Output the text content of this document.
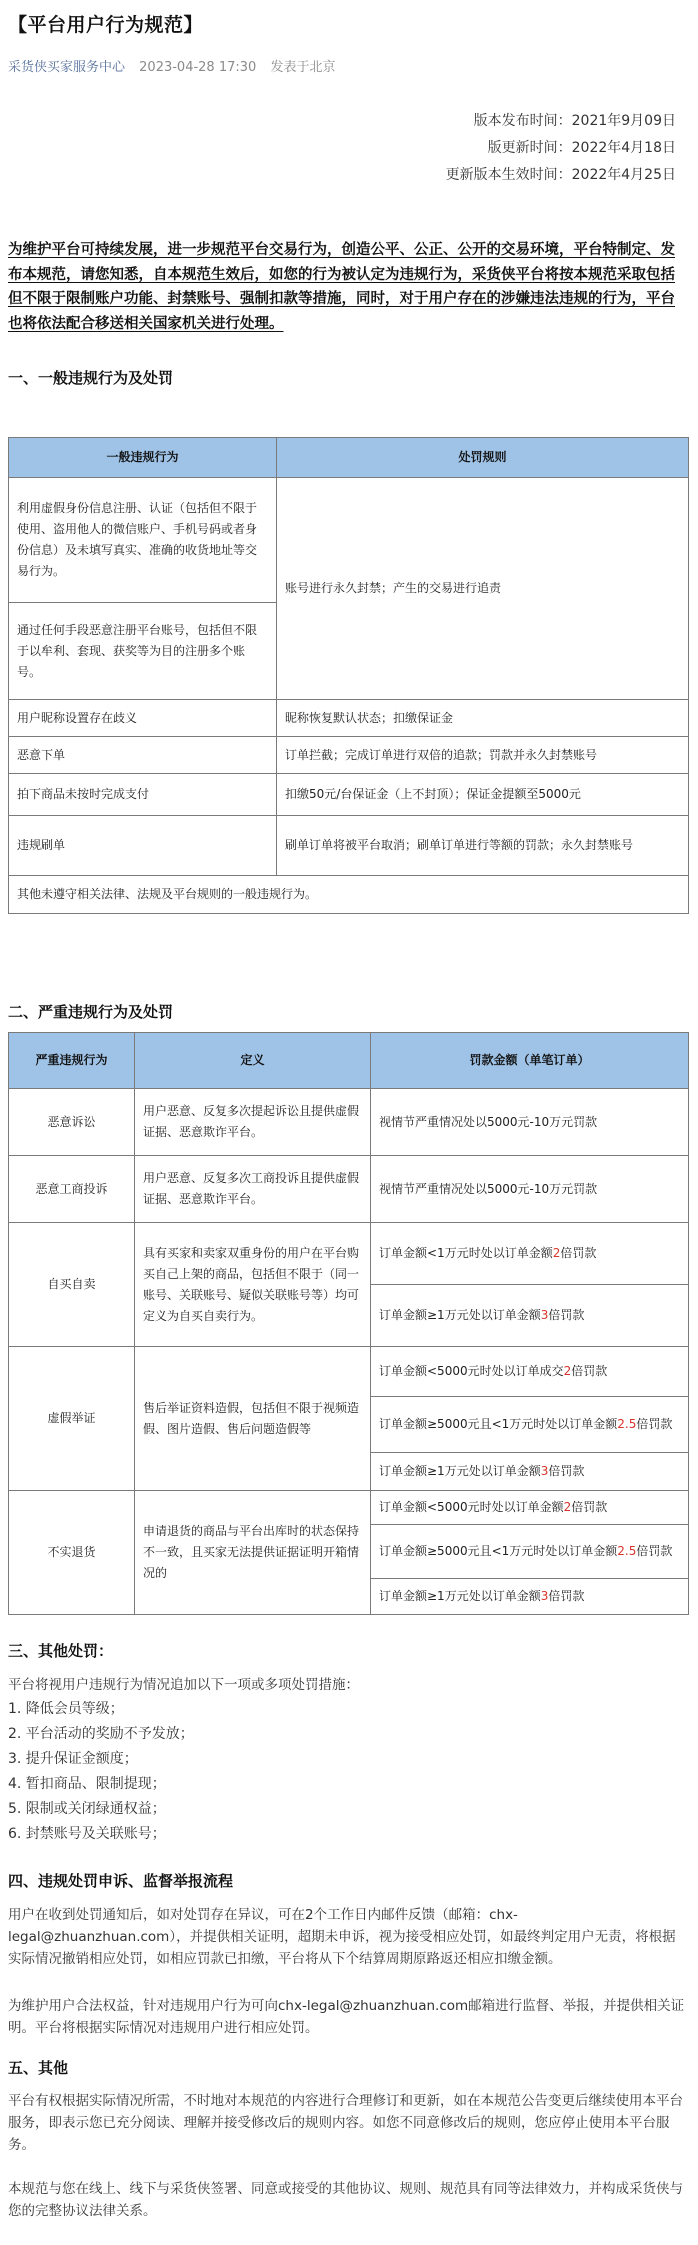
【平台用户行为规范】
采货侠买家服务中心 2023-04-28 17:30 发表于北京
版本发布时间：2021年9月09日
版更新时间：2022年4月18日
更新版本生效时间：2022年4月25日
为维护平台可持续发展，进一步规范平台交易行为，创造公平、公正、公开的交易环境，平台特制定、发布本规范，请您知悉，自本规范生效后，如您的行为被认定为违规行为，采货侠平台将按本规范采取包括但不限于限制账户功能、封禁账号、强制扣款等措施，同时，对于用户存在的涉嫌违法违规的行为，平台也将依法配合移送相关国家机关进行处理。
一、一般违规行为及处罚
一般违规行为	处罚规则
利用虚假身份信息注册、认证（包括但不限于使用、盗用他人的微信账户、手机号码或者身份信息）及未填写真实、准确的收货地址等交易行为。	账号进行永久封禁；产生的交易进行追责
通过任何手段恶意注册平台账号，包括但不限于以牟利、套现、获奖等为目的注册多个账号。	
用户昵称设置存在歧义	昵称恢复默认状态；扣缴保证金
恶意下单	订单拦截；完成订单进行双倍的追款；罚款并永久封禁账号
拍下商品未按时完成支付	扣缴50元/台保证金（上不封顶）；保证金提额至5000元
违规刷单	刷单订单将被平台取消；刷单订单进行等额的罚款；永久封禁账号
其他未遵守相关法律、法规及平台规则的一般违规行为。	
二、严重违规行为及处罚
严重违规行为	定义	罚款金额（单笔订单）
恶意诉讼	用户恶意、反复多次提起诉讼且提供虚假证据、恶意欺诈平台。	视情节严重情况处以5000元-10万元罚款
恶意工商投诉	用户恶意、反复多次工商投诉且提供虚假证据、恶意欺诈平台。	视情节严重情况处以5000元-10万元罚款
自买自卖	具有买家和卖家双重身份的用户在平台购买自己上架的商品，包括但不限于（同一账号、关联账号、疑似关联账号等）均可定义为自买自卖行为。	订单金额<1万元时处以订单金额2倍罚款
		订单金额≥1万元处以订单金额3倍罚款
虚假举证	售后举证资料造假，包括但不限于视频造假、图片造假、售后问题造假等	订单金额<5000元时处以订单成交2倍罚款
		订单金额≥5000元且<1万元时处以订单金额2.5倍罚款
		订单金额≥1万元处以订单金额3倍罚款
不实退货	申请退货的商品与平台出库时的状态保持不一致，且买家无法提供证据证明开箱情况的	订单金额<5000元时处以订单金额2倍罚款
		订单金额≥5000元且<1万元时处以订单金额2.5倍罚款
		订单金额≥1万元处以订单金额3倍罚款
三、其他处罚：
平台将视用户违规行为情况追加以下一项或多项处罚措施：
1. 降低会员等级；
2. 平台活动的奖励不予发放；
3. 提升保证金额度；
4. 暂扣商品、限制提现；
5. 限制或关闭绿通权益；
6. 封禁账号及关联账号；
四、违规处罚申诉、监督举报流程
用户在收到处罚通知后，如对处罚存在异议，可在2个工作日内邮件反馈（邮箱：chx-legal@zhuanzhuan.com），并提供相关证明，超期未申诉，视为接受相应处罚，如最终判定用户无责，将根据实际情况撤销相应处罚，如相应罚款已扣缴，平台将从下个结算周期原路返还相应扣缴金额。
为维护用户合法权益，针对违规用户行为可向chx-legal@zhuanzhuan.com邮箱进行监督、举报，并提供相关证明。平台将根据实际情况对违规用户进行相应处罚。
五、其他
平台有权根据实际情况所需，不时地对本规范的内容进行合理修订和更新，如在本规范公告变更后继续使用本平台服务，即表示您已充分阅读、理解并接受修改后的规则内容。如您不同意修改后的规则，您应停止使用本平台服务。
本规范与您在线上、线下与采货侠签署、同意或接受的其他协议、规则、规范具有同等法律效力，并构成采货侠与您的完整协议法律关系。
